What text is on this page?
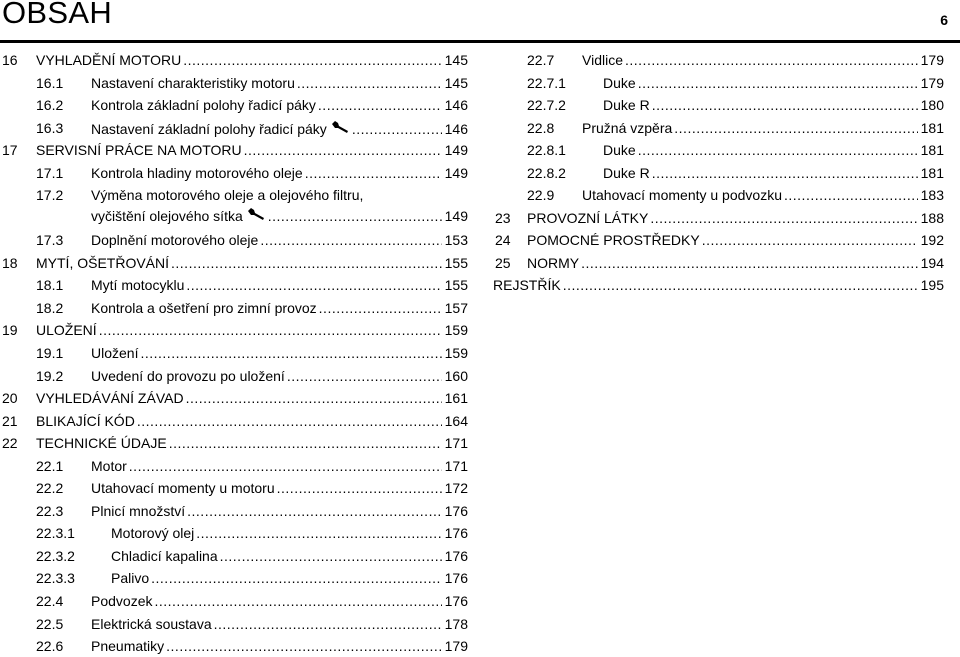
OBSAH	6
16 VYHLADĚNÍ MOTORU .....	145
16.1 Nastavení charakteristiky motoru .....	145
16.2 Kontrola základní polohy řadicí páky .....	146
16.3 Nastavení základní polohy řadicí páky .....	146
17 SERVISNÍ PRÁCE NA MOTORU .....	149
17.1 Kontrola hladiny motorového oleje .....	149
17.2 Výměna motorového oleje a olejového filtru,
vyčištění olejového sítka .....	149
17.3 Doplnění motorového oleje .....	153
18 MYTÍ, OŠETŘOVÁNÍ .....	155
18.1 Mytí motocyklu .....	155
18.2 Kontrola a ošetření pro zimní provoz .....	157
19 ULOŽENÍ .....	159
19.1 Uložení .....	159
19.2 Uvedení do provozu po uložení .....	160
20 VYHLEDÁVÁNÍ ZÁVAD .....	161
21 BLIKAJÍCÍ KÓD .....	164
22 TECHNICKÉ ÚDAJE .....	171
22.1 Motor .....	171
22.2 Utahovací momenty u motoru .....	172
22.3 Plnicí množství .....	176
22.3.1	Motorový olej .....	176
22.3.2	Chladicí kapalina .....	176
22.3.3	Palivo .....	176
22.4 Podvozek .....	176
22.5 Elektrická soustava .....	178
22.6 Pneumatiky .....	179
22.7 Vidlice .....	179
22.7.1	Duke .....	179
22.7.2	Duke R .....	180
22.8 Pružná vzpěra .....	181
22.8.1	Duke .....	181
22.8.2	Duke R .....	181
22.9 Utahovací momenty u podvozku .....	183
23 PROVOZNÍ LÁTKY .....	188
24 POMOCNÉ PROSTŘEDKY .....	192
25 NORMY .....	194
REJSTŘÍK .....	195
